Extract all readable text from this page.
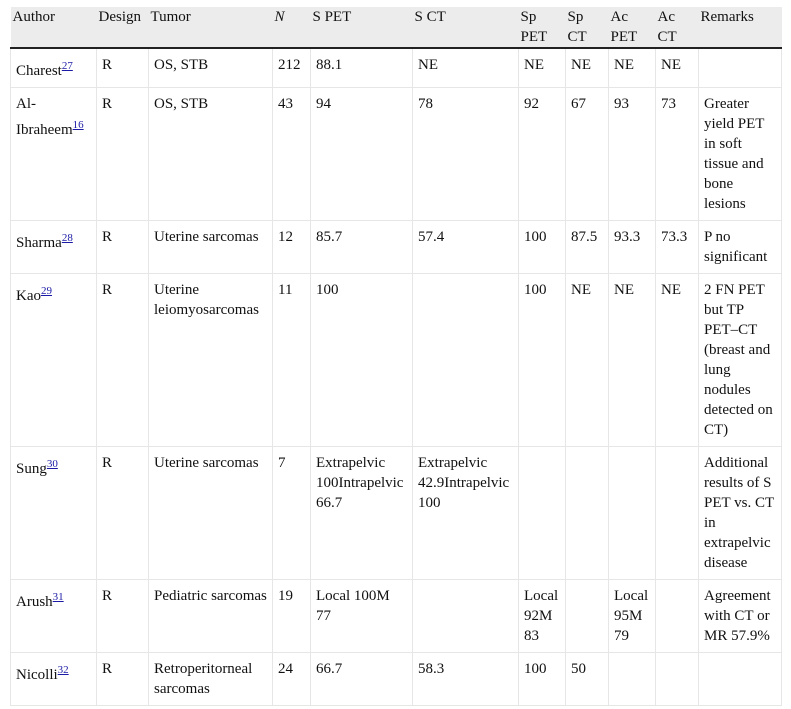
Author	Design	Tumor	N	S PET	S CT	Sp PET	Sp CT	Ac PET	Ac CT	Remarks
Charest$^{27}$	R	OS, STB	212	88.1	NE	NE	NE	NE	NE	
Al-Ibraheem$^{16}$	R	OS, STB	43	94	78	92	67	93	73	Greater yield PET in soft tissue and bone lesions
Sharma$^{28}$	R	Uterine sarcomas	12	85.7	57.4	100	87.5	93.3	73.3	P no significant
Kao$^{29}$	R	Uterine leiomyosarcomas	11	100		100	NE	NE	NE	2 FN PET but TP PET–CT (breast and lung nodules detected on CT)
Sung$^{30}$	R	Uterine sarcomas	7	Extrapelvic 100Intrapelvic 66.7	Extrapelvic 42.9Intrapelvic 100					Additional results of S PET vs. CT in extrapelvic disease
Arush$^{31}$	R	Pediatric sarcomas	19	Local 100M 77		Local 92M 83		Local 95M 79		Agreement with CT or MR 57.9%
Nicolli$^{32}$	R	Retroperitorneal sarcomas	24	66.7	58.3	100	50			
